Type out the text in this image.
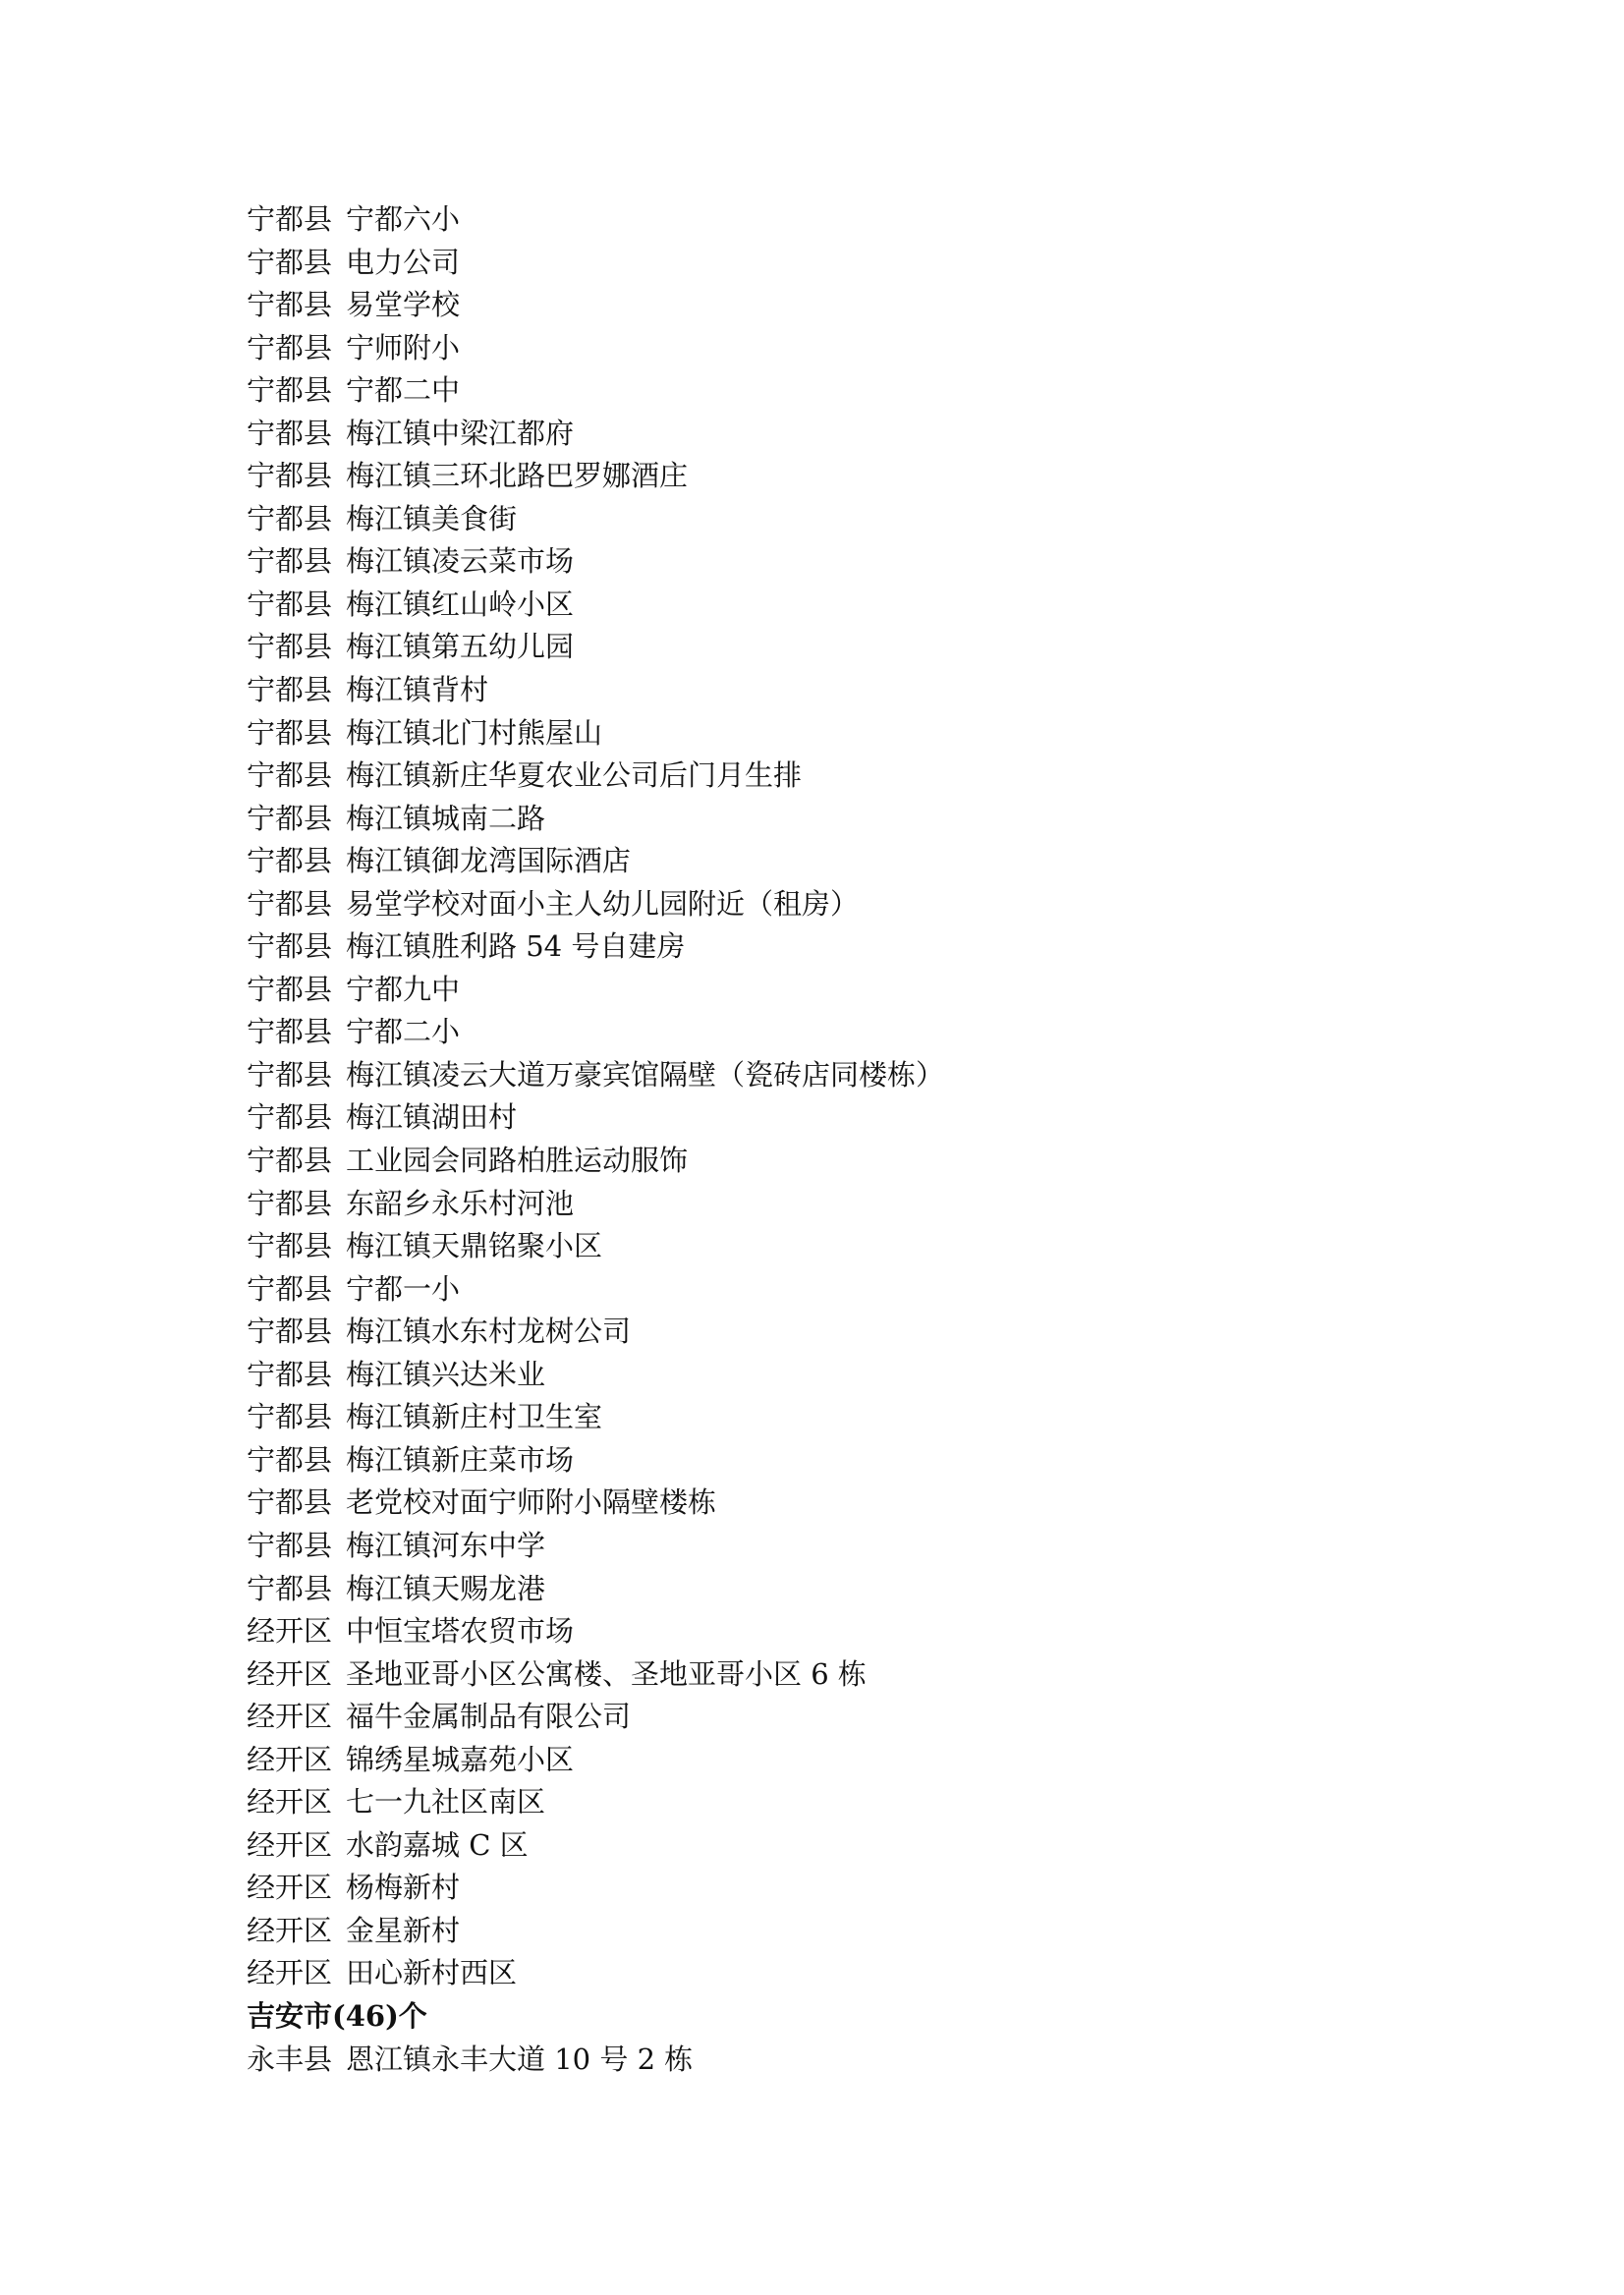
宁都县 宁都六小
宁都县 电力公司
宁都县 易堂学校
宁都县 宁师附小
宁都县 宁都二中
宁都县 梅江镇中梁江都府
宁都县 梅江镇三环北路巴罗娜酒庄
宁都县 梅江镇美食街
宁都县 梅江镇凌云菜市场
宁都县 梅江镇红山岭小区
宁都县 梅江镇第五幼儿园
宁都县 梅江镇背村
宁都县 梅江镇北门村熊屋山
宁都县 梅江镇新庄华夏农业公司后门月生排
宁都县 梅江镇城南二路
宁都县 梅江镇御龙湾国际酒店
宁都县 易堂学校对面小主人幼儿园附近（租房）
宁都县 梅江镇胜利路 54 号自建房
宁都县 宁都九中
宁都县 宁都二小
宁都县 梅江镇凌云大道万豪宾馆隔壁（瓷砖店同楼栋）
宁都县 梅江镇湖田村
宁都县 工业园会同路柏胜运动服饰
宁都县 东韶乡永乐村河池
宁都县 梅江镇天鼎铭聚小区
宁都县 宁都一小
宁都县 梅江镇水东村龙树公司
宁都县 梅江镇兴达米业
宁都县 梅江镇新庄村卫生室
宁都县 梅江镇新庄菜市场
宁都县 老党校对面宁师附小隔壁楼栋
宁都县 梅江镇河东中学
宁都县 梅江镇天赐龙港
经开区 中恒宝塔农贸市场
经开区 圣地亚哥小区公寓楼、圣地亚哥小区 6 栋
经开区 福牛金属制品有限公司
经开区 锦绣星城嘉苑小区
经开区 七一九社区南区
经开区 水韵嘉城 C 区
经开区 杨梅新村
经开区 金星新村
经开区 田心新村西区
吉安市(46)个
永丰县 恩江镇永丰大道 10 号 2 栋
